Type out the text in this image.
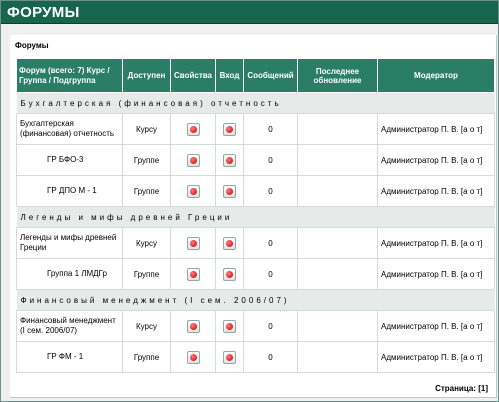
ФОРУМЫ
Форумы
Форум (всего: 7) Курс / Группа / Подгруппа	Доступен	Свойства	Вход	Сообщений	Последнее обновление	Модератор
Бухгалтерская (финансовая) отчетность						
Бухгалтерская (финансовая) отчетность	Курсу			0		Администратор П. В. [а о т]
ГР БФО-3	Группе			0		Администратор П. В. [а о т]
ГР ДПО М - 1	Группе			0		Администратор П. В. [а о т]
Легенды и мифы древней Греции						
Легенды и мифы древней Греции	Курсу			0		Администратор П. В. [а о т]
Группа 1 ЛМДГр	Группе			0		Администратор П. В. [а о т]
Финансовый менеджмент (I сем. 2006/07)						
Финансовый менеджмент (I сем. 2006/07)	Курсу			0		Администратор П. В. [а о т]
ГР ФМ - 1	Группе			0		Администратор П. В. [а о т]
Страница: [1]
